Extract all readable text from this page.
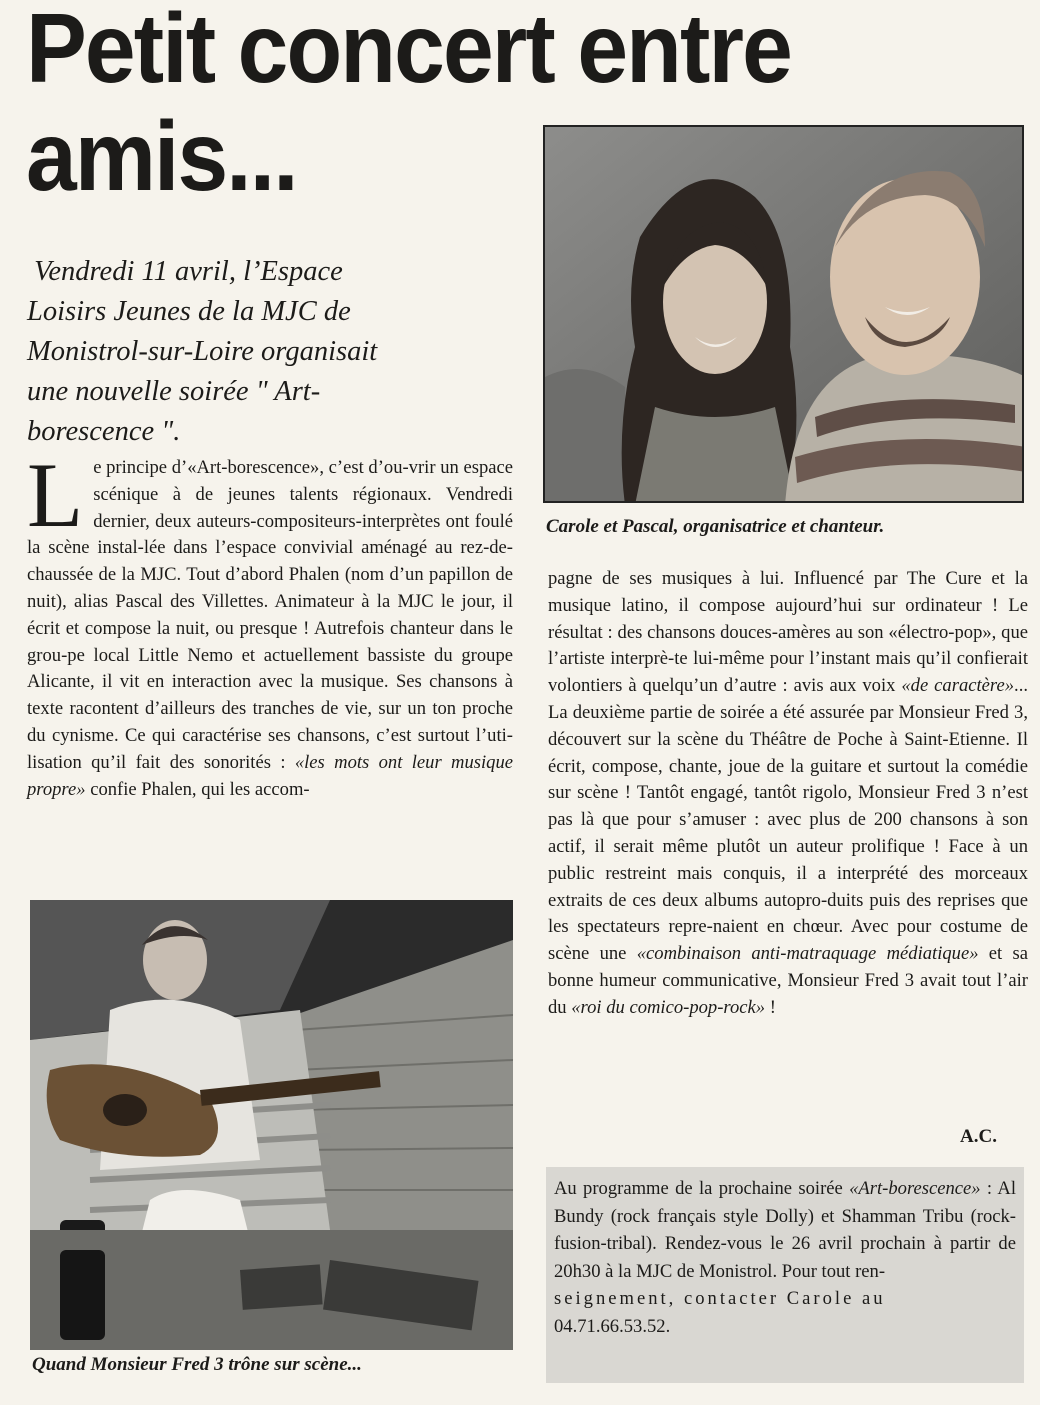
Petit concert entre
amis...
Carole et Pascal, organisatrice et chanteur.

Vendredi 11 avril, l’Espace
Loisirs Jeunes de la MJC de
Monistrol-sur-Loire organisait
une nouvelle soirée " Art-
borescence ".

Le principe d’«Art-borescence», c’est d’ou-vrir un espace scénique à de jeunes talents régionaux. Vendredi dernier, deux auteurs-compositeurs-interprètes ont foulé la scène instal-lée dans l’espace convivial aménagé au rez-de-chaussée de la MJC. Tout d’abord Phalen (nom d’un papillon de nuit), alias Pascal des Villettes. Animateur à la MJC le jour, il écrit et compose la nuit, ou presque ! Autrefois chanteur dans le grou-pe local Little Nemo et actuellement bassiste du groupe Alicante, il vit en interaction avec la musique. Ses chansons à texte racontent d’ailleurs des tranches de vie, sur un ton proche du cynisme. Ce qui caractérise ses chansons, c’est surtout l’uti-lisation qu’il fait des sonorités : «les mots ont leur musique propre» confie Phalen, qui les accom-

pagne de ses musiques à lui. Influencé par The Cure et la musique latino, il compose aujourd’hui sur ordinateur ! Le résultat : des chansons douces-amères au son «électro-pop», que l’artiste interprè-te lui-même pour l’instant mais qu’il confierait volontiers à quelqu’un d’autre : avis aux voix «de caractère»... La deuxième partie de soirée a été assurée par Monsieur Fred 3, découvert sur la scène du Théâtre de Poche à Saint-Etienne. Il écrit, compose, chante, joue de la guitare et surtout la comédie sur scène ! Tantôt engagé, tantôt rigolo, Monsieur Fred 3 n’est pas là que pour s’amuser : avec plus de 200 chansons à son actif, il serait même plutôt un auteur prolifique ! Face à un public restreint mais conquis, il a interprété des morceaux extraits de ces deux albums autopro-duits puis des reprises que les spectateurs repre-naient en chœur. Avec pour costume de scène une «combinaison anti-matraquage médiatique» et sa bonne humeur communicative, Monsieur Fred 3 avait tout l’air du «roi du comico-pop-rock» !

A.C.
Quand Monsieur Fred 3 trône sur scène...

Au programme de la prochaine soirée «Art-borescence» : Al Bundy (rock français style Dolly) et Shamman Tribu (rock-fusion-tribal). Rendez-vous le 26 avril prochain à partir de 20h30 à la MJC de Monistrol. Pour tout ren-
seignement, contacter Carole au
04.71.66.53.52.
